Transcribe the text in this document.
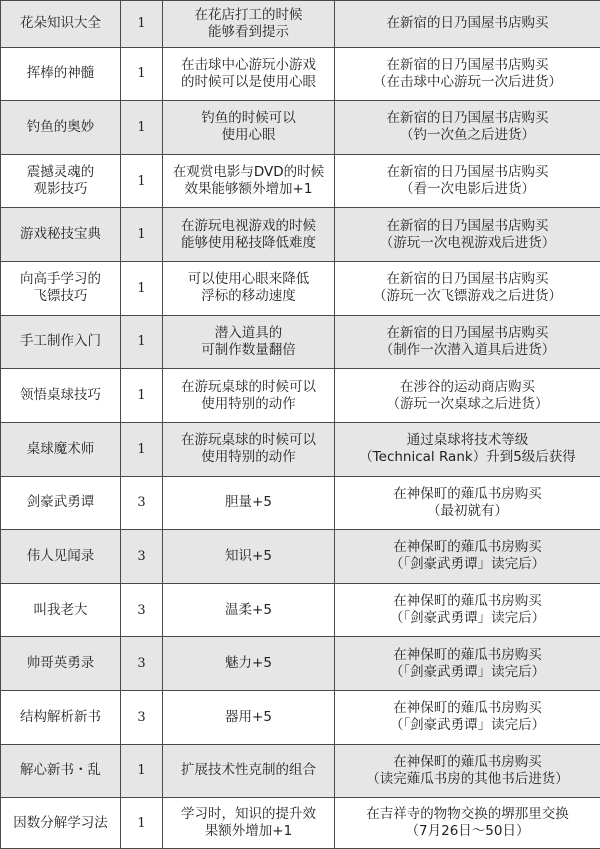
花朵知识大全	1	在花店打工的时候
能够看到提示	在新宿的日乃国屋书店购买

挥棒的神髓	1	在击球中心游玩小游戏
的时候可以是使用心眼	在新宿的日乃国屋书店购买
（在击球中心游玩一次后进货）

钓鱼的奥妙	1	钓鱼的时候可以
使用心眼	在新宿的日乃国屋书店购买
（钓一次鱼之后进货）

震撼灵魂的
观影技巧	1	在观赏电影与DVD的时候
效果能够额外增加+1	在新宿的日乃国屋书店购买
（看一次电影后进货）

游戏秘技宝典	1	在游玩电视游戏的时候
能够使用秘技降低难度	在新宿的日乃国屋书店购买
（游玩一次电视游戏后进货）

向高手学习的
飞镖技巧	1	可以使用心眼来降低
浮标的移动速度	在新宿的日乃国屋书店购买
（游玩一次飞镖游戏之后进货）

手工制作入门	1	潜入道具的
可制作数量翻倍	在新宿的日乃国屋书店购买
（制作一次潜入道具后进货）

领悟桌球技巧	1	在游玩桌球的时候可以
使用特别的动作	在涉谷的运动商店购买
（游玩一次桌球之后进货）

桌球魔术师	1	在游玩桌球的时候可以
使用特别的动作	通过桌球将技术等级
（Technical Rank）升到5级后获得

剑豪武勇谭	3	胆量+5	在神保町的薙瓜书房购买
（最初就有）

伟人见闻录	3	知识+5	在神保町的薙瓜书房购买
（「剑豪武勇谭」读完后）

叫我老大	3	温柔+5	在神保町的薙瓜书房购买
（「剑豪武勇谭」读完后）

帅哥英勇录	3	魅力+5	在神保町的薙瓜书房购买
（「剑豪武勇谭」读完后）

结构解析新书	3	器用+5	在神保町的薙瓜书房购买
（「剑豪武勇谭」读完后）

解心新书・乱	1	扩展技术性克制的组合	在神保町的薙瓜书房购买
（读完薙瓜书房的其他书后进货）

因数分解学习法	1	学习时，知识的提升效
果额外增加+1	在吉祥寺的物物交换的堺那里交换
（7月26日～50日）
